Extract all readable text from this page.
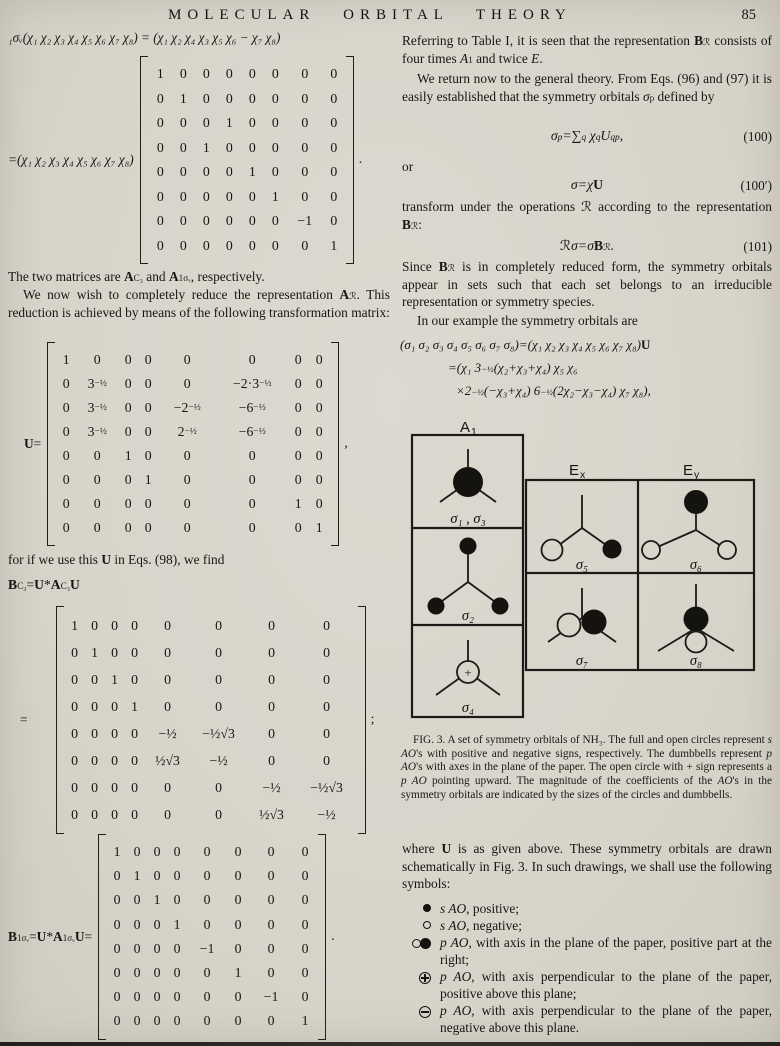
MOLECULAR ORBITAL THEORY	85
₁σᵥ(χ₁ χ₂ χ₃ χ₄ χ₅ χ₆ χ₇ χ₈) = (χ₁ χ₂ χ₄ χ₃ χ₅ χ₆ − χ₇ χ₈)
=(χ₁ χ₂ χ₃ χ₄ χ₅ χ₆ χ₇ χ₈)
1	0	0	0	0	0	0	0
0	1	0	0	0	0	0	0
0	0	0	1	0	0	0	0
0	0	1	0	0	0	0	0
0	0	0	0	1	0	0	0
0	0	0	0	0	1	0	0
0	0	0	0	0	0	−1	0
0	0	0	0	0	0	0	1
.
The two matrices are $A_{C_3}$ and $A_{1\sigma ᵥ}$, respectively.
We now wish to completely reduce the representation $A_ℛ$. This reduction is achieved by means of the following transformation matrix:
U=
1	0	0 0	0	0	0	0
0	3 −½	0 0	0	−2·3 −½	0	0
0	3 −½	0 0	−2 −½	−6 −½	0	0
0	3 −½	0 0	2 −½	−6 −½	0	0
0	0	1 0	0	0	0	0
0	0	0 1	0	0	0	0
0	0	0 0	0	0	1	0
0	0	0 0	0	0	0	1
,
for if we use this U in Eqs. (98), we find
$B_{C_3}=U*A_{C_3}U$
=
1 0 0 0	0	0	0	0
0 1 0 0	0	0	0	0
0 0 1 0	0	0	0	0
0 0 0 1	0	0	0	0
0 0 0 0	−½	−½√3	0	0
0 0 0 0	½√3	−½	0	0
0 0 0 0	0	0	−½	−½√3
0 0 0 0	0	0	½√3	−½
;
$B_{1\sigma ᵥ}=U*A_{1\sigma ᵥ}U=$
1 0 0 0	0	0	0	0
0 1 0 0	0	0	0	0
0 0 1 0	0	0	0	0
0 0 0 1	0	0	0	0
0 0 0 0	−1	0	0	0
0 0 0 0	0	1	0	0
0 0 0 0	0	0	−1	0
0 0 0 0	0	0	0	1
.
Referring to Table I, it is seen that the representation $B_ℛ$ consists of four times $A_1$ and twice E.
We return now to the general theory. From Eqs. (96) and (97) it is easily established that the symmetry orbitals $\sigma_p$ defined by
$\sigma_p=\sum_q$ $\chi_qU_{qp}$,	(100)
or
σ=χU	(100′)
transform under the operations ℛ according to the representation $B_ℛ$:
$ℛ\sigma=\sigma B_ℛ$.	(101)
Since $B_ℛ$ is in completely reduced form, the symmetry orbitals appear in sets such that each set belongs to an irreducible representation or symmetry species.
In our example the symmetry orbitals are
(σ₁ σ₂ σ₃ σ₄ σ₅ σ₆ σ₇ σ₈)=(χ₁ χ₂ χ₃ χ₄ χ₅ χ₆ χ₇ χ₈)U
=(χ₁ $3^{-\frac{1}{2}}(\chi_2+\chi_3+\chi_4)$ χ₅ χ₆
$\times 2^{-\frac{1}{2}}(-\chi_3+\chi_4)$ $6^{-\frac{1}{2}}(2\chi_2-\chi_3-\chi_4)$ χ₇ χ₈),
A 1
E x	E y
σ₁ , σ₃
σ₂
+
σ₄
σ₅	σ₆
σ₇	σ₈
FIG. 3. A set of symmetry orbitals of NH₃. The full and open circles represent s AO's with positive and negative signs, respectively. The dumbbells represent p AO's with axes in the plane of the paper. The open circle with + sign represents a p AO pointing upward. The magnitude of the coefficients of the AO's in the symmetry orbitals are indicated by the sizes of the circles and dumbbells.
where U is as given above. These symmetry orbitals are drawn schematically in Fig. 3. In such drawings, we shall use the following symbols:
s AO, positive;
s AO, negative;
p AO, with axis in the plane of the paper, positive part at the right;
p AO, with axis perpendicular to the plane of the paper, positive above this plane;
p AO, with axis perpendicular to the plane of the paper, negative above this plane.
